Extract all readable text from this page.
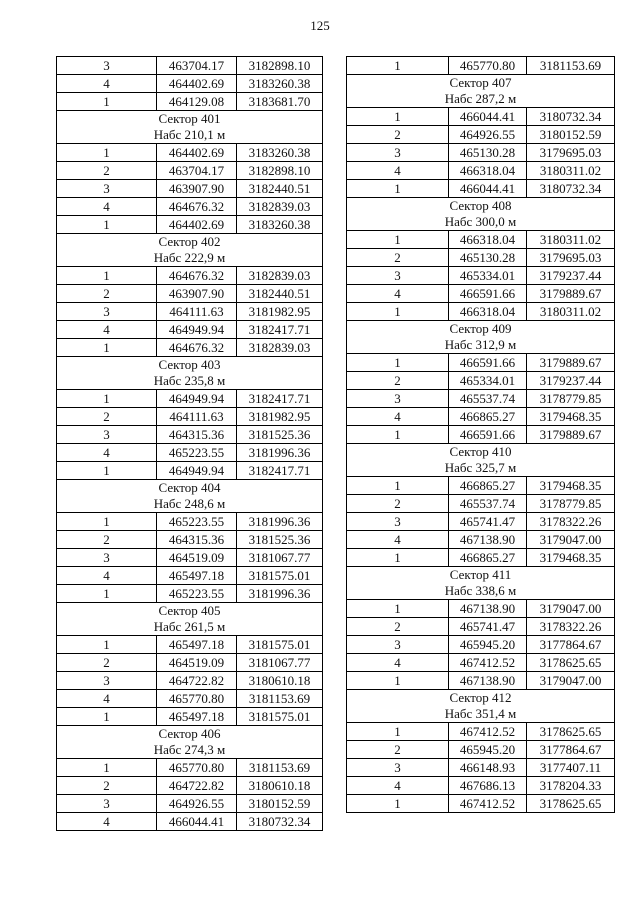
125
3	463704.17	3182898.10
4	464402.69	3183260.38
1	464129.08	3183681.70
Сектор 401		
Набс 210,1 м		
1	464402.69	3183260.38
2	463704.17	3182898.10
3	463907.90	3182440.51
4	464676.32	3182839.03
1	464402.69	3183260.38
Сектор 402		
Набс 222,9 м		
1	464676.32	3182839.03
2	463907.90	3182440.51
3	464111.63	3181982.95
4	464949.94	3182417.71
1	464676.32	3182839.03
Сектор 403		
Набс 235,8 м		
1	464949.94	3182417.71
2	464111.63	3181982.95
3	464315.36	3181525.36
4	465223.55	3181996.36
1	464949.94	3182417.71
Сектор 404		
Набс 248,6 м		
1	465223.55	3181996.36
2	464315.36	3181525.36
3	464519.09	3181067.77
4	465497.18	3181575.01
1	465223.55	3181996.36
Сектор 405		
Набс 261,5 м		
1	465497.18	3181575.01
2	464519.09	3181067.77
3	464722.82	3180610.18
4	465770.80	3181153.69
1	465497.18	3181575.01
Сектор 406		
Набс 274,3 м		
1	465770.80	3181153.69
2	464722.82	3180610.18
3	464926.55	3180152.59
4	466044.41	3180732.34
1	465770.80	3181153.69
Сектор 407		
Набс 287,2 м		
1	466044.41	3180732.34
2	464926.55	3180152.59
3	465130.28	3179695.03
4	466318.04	3180311.02
1	466044.41	3180732.34
Сектор 408		
Набс 300,0 м		
1	466318.04	3180311.02
2	465130.28	3179695.03
3	465334.01	3179237.44
4	466591.66	3179889.67
1	466318.04	3180311.02
Сектор 409		
Набс 312,9 м		
1	466591.66	3179889.67
2	465334.01	3179237.44
3	465537.74	3178779.85
4	466865.27	3179468.35
1	466591.66	3179889.67
Сектор 410		
Набс 325,7 м		
1	466865.27	3179468.35
2	465537.74	3178779.85
3	465741.47	3178322.26
4	467138.90	3179047.00
1	466865.27	3179468.35
Сектор 411		
Набс 338,6 м		
1	467138.90	3179047.00
2	465741.47	3178322.26
3	465945.20	3177864.67
4	467412.52	3178625.65
1	467138.90	3179047.00
Сектор 412		
Набс 351,4 м		
1	467412.52	3178625.65
2	465945.20	3177864.67
3	466148.93	3177407.11
4	467686.13	3178204.33
1	467412.52	3178625.65
